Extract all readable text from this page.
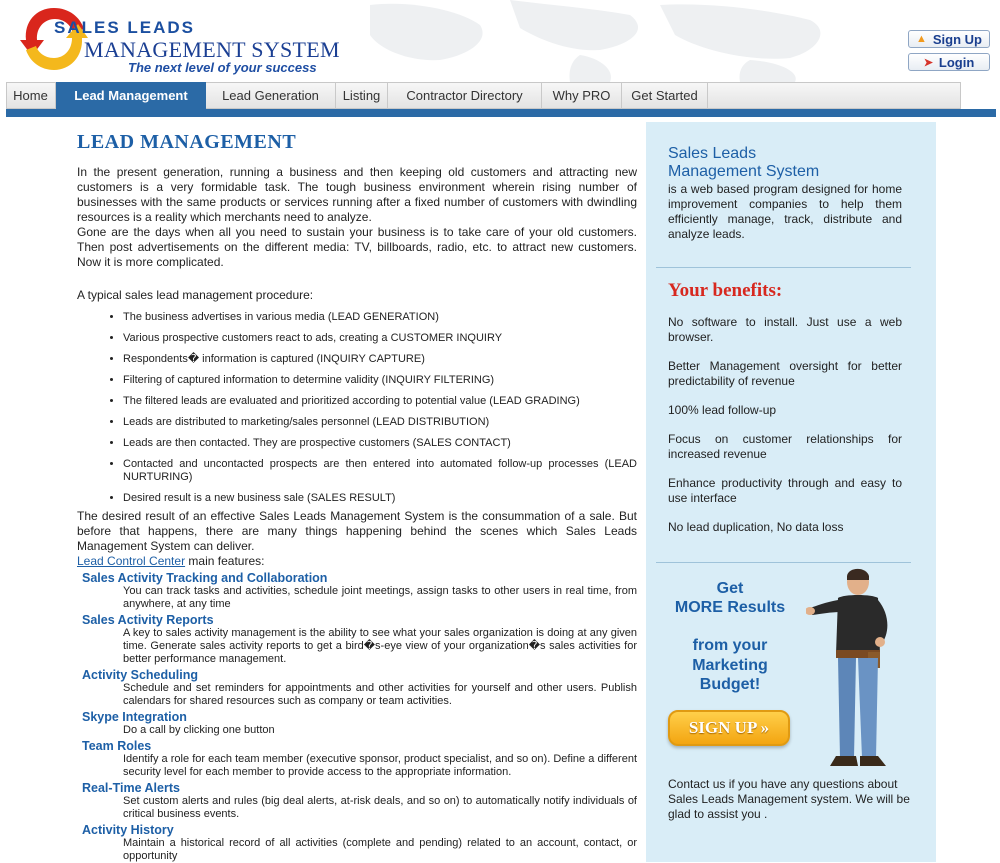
SALES LEADS
MANAGEMENT SYSTEM
The next level of your success
▲ Sign Up
➤ Login
Home	Lead Management	Lead Generation	Listing	Contractor Directory	Why PRO	Get Started
LEAD MANAGEMENT

In the present generation, running a business and then keeping old customers and attracting new customers is a very formidable task. The tough business environment wherein rising number of businesses with the same products or services running after a fixed number of customers with dwindling resources is a reality which merchants need to analyze.

Gone are the days when all you need to sustain your business is to take care of your old customers. Then post advertisements on the different media: TV, billboards, radio, etc. to attract new customers. Now it is more complicated.

A typical sales lead management procedure:

• The business advertises in various media (LEAD GENERATION)
• Various prospective customers react to ads, creating a CUSTOMER INQUIRY
• Respondents� information is captured (INQUIRY CAPTURE)
• Filtering of captured information to determine validity (INQUIRY FILTERING)
• The filtered leads are evaluated and prioritized according to potential value (LEAD GRADING)
• Leads are distributed to marketing/sales personnel (LEAD DISTRIBUTION)
• Leads are then contacted. They are prospective customers (SALES CONTACT)
• Contacted and uncontacted prospects are then entered into automated follow-up processes (LEAD NURTURING)
• Desired result is a new business sale (SALES RESULT)

The desired result of an effective Sales Leads Management System is the consummation of a sale. But before that happens, there are many things happening behind the scenes which Sales Leads Management System can deliver.

Lead Control Center main features:

Sales Activity Tracking and Collaboration
You can track tasks and activities, schedule joint meetings, assign tasks to other users in real time, from anywhere, at any time
Sales Activity Reports
A key to sales activity management is the ability to see what your sales organization is doing at any given time. Generate sales activity reports to get a bird�s-eye view of your organization�s sales activities for better performance management.
Activity Scheduling
Schedule and set reminders for appointments and other activities for yourself and other users. Publish calendars for shared resources such as company or team activities.
Skype Integration
Do a call by clicking one button
Team Roles
Identify a role for each team member (executive sponsor, product specialist, and so on). Define a different security level for each member to provide access to the appropriate information.
Real-Time Alerts
Set custom alerts and rules (big deal alerts, at-risk deals, and so on) to automatically notify individuals of critical business events.
Activity History
Maintain a historical record of all activities (complete and pending) related to an account, contact, or opportunity
Sales Leads
Management System
is a web based program designed for home improvement companies to help them efficiently manage, track, distribute and analyze leads.
Your benefits:
No software to install. Just use a web browser.
Better Management oversight for better predictability of revenue
100% lead follow-up
Focus on customer relationships for increased revenue
Enhance productivity through and easy to use interface
No lead duplication, No data loss
Get
MORE Results
from your
Marketing
Budget!
SIGN UP »
Contact us if you have any questions about Sales Leads Management system. We will be glad to assist you .
